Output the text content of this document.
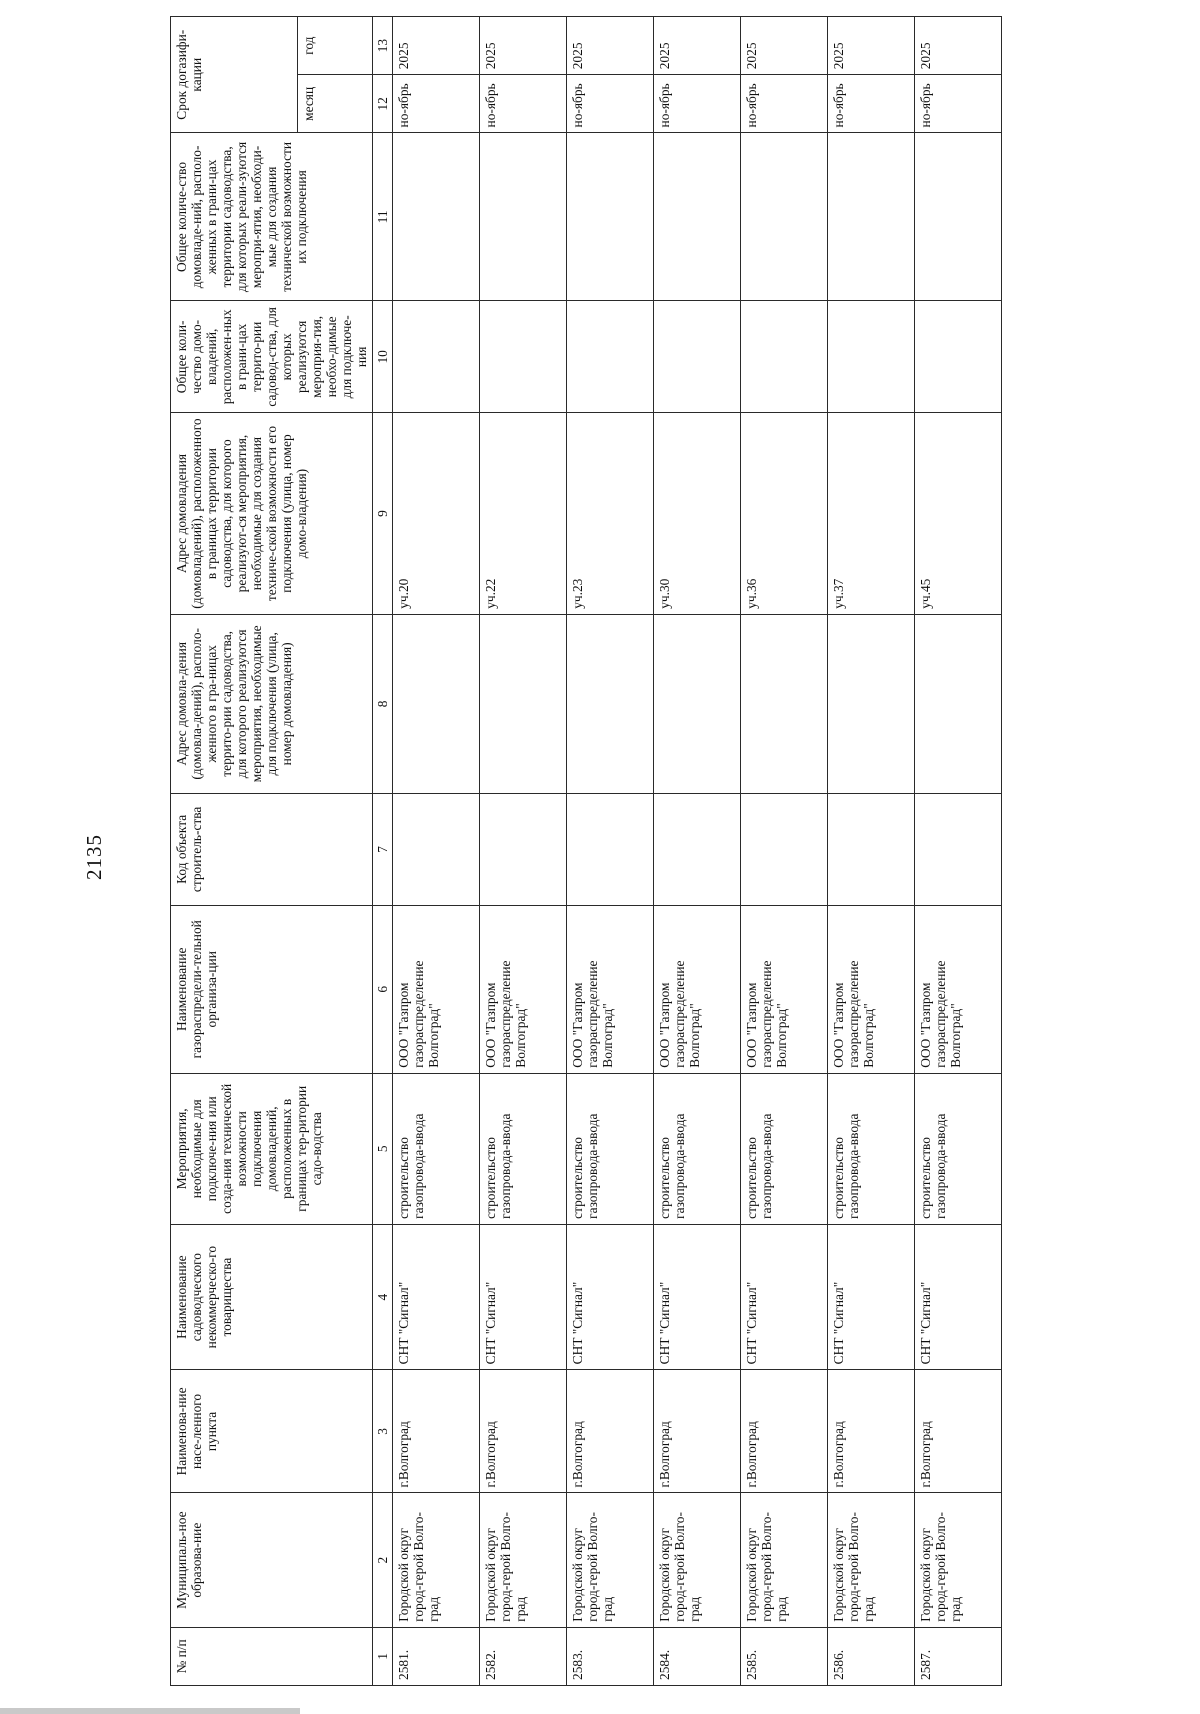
2135
№ п/п	Муниципаль-ное образова-ние	Наименова-ние насе-ленного пункта	Наименование садоводческого некоммерческо-го товарищества	Мероприятия, необходимые для подключе-ния или созда-ния технической возможности подключения домовладений, расположенных в границах тер-ритории садо-водства	Наименование газораспредели-тельной организа-ции	Код объекта строитель-ства	Адрес домовла-дения (домовла-дений), располо-женного в гра-ницах террито-рии садоводства, для которого реализуются мероприятия, необходимые для подключения (улица, номер домовладения)	Адрес домовладения (домовладений), расположенного в границах территории садоводства, для которого реализуют-ся мероприятия, необходимые для создания техниче-ской возможности его подключения (улица, номер домо-владения)	Общее коли-чество домо-владений, расположен-ных в грани-цах террито-рии садовод-ства, для которых реализуются мероприя-тия, необхо-димые для подключе-ния	Общее количе-ство домовладе-ний, располо-женных в грани-цах территории садоводства, для которых реали-зуются меропри-ятия, необходи-мые для создания технической возможности их подключения	Срок догазифи-кации	
											месяц	год
1	2	3	4	5	6	7	8	9	10	11	12	13
2581.	Городской округ город-герой Волго-град	г.Волгоград	СНТ "Сигнал"	строительство газопровода-ввода	ООО "Газпром газораспределение Волгоград"			уч.20			но-ябрь	2025
2582.	Городской округ город-герой Волго-град	г.Волгоград	СНТ "Сигнал"	строительство газопровода-ввода	ООО "Газпром газораспределение Волгоград"			уч.22			но-ябрь	2025
2583.	Городской округ город-герой Волго-град	г.Волгоград	СНТ "Сигнал"	строительство газопровода-ввода	ООО "Газпром газораспределение Волгоград"			уч.23			но-ябрь	2025
2584.	Городской округ город-герой Волго-град	г.Волгоград	СНТ "Сигнал"	строительство газопровода-ввода	ООО "Газпром газораспределение Волгоград"			уч.30			но-ябрь	2025
2585.	Городской округ город-герой Волго-град	г.Волгоград	СНТ "Сигнал"	строительство газопровода-ввода	ООО "Газпром газораспределение Волгоград"			уч.36			но-ябрь	2025
2586.	Городской округ город-герой Волго-град	г.Волгоград	СНТ "Сигнал"	строительство газопровода-ввода	ООО "Газпром газораспределение Волгоград"			уч.37			но-ябрь	2025
2587.	Городской округ город-герой Волго-град	г.Волгоград	СНТ "Сигнал"	строительство газопровода-ввода	ООО "Газпром газораспределение Волгоград"			уч.45			но-ябрь	2025
